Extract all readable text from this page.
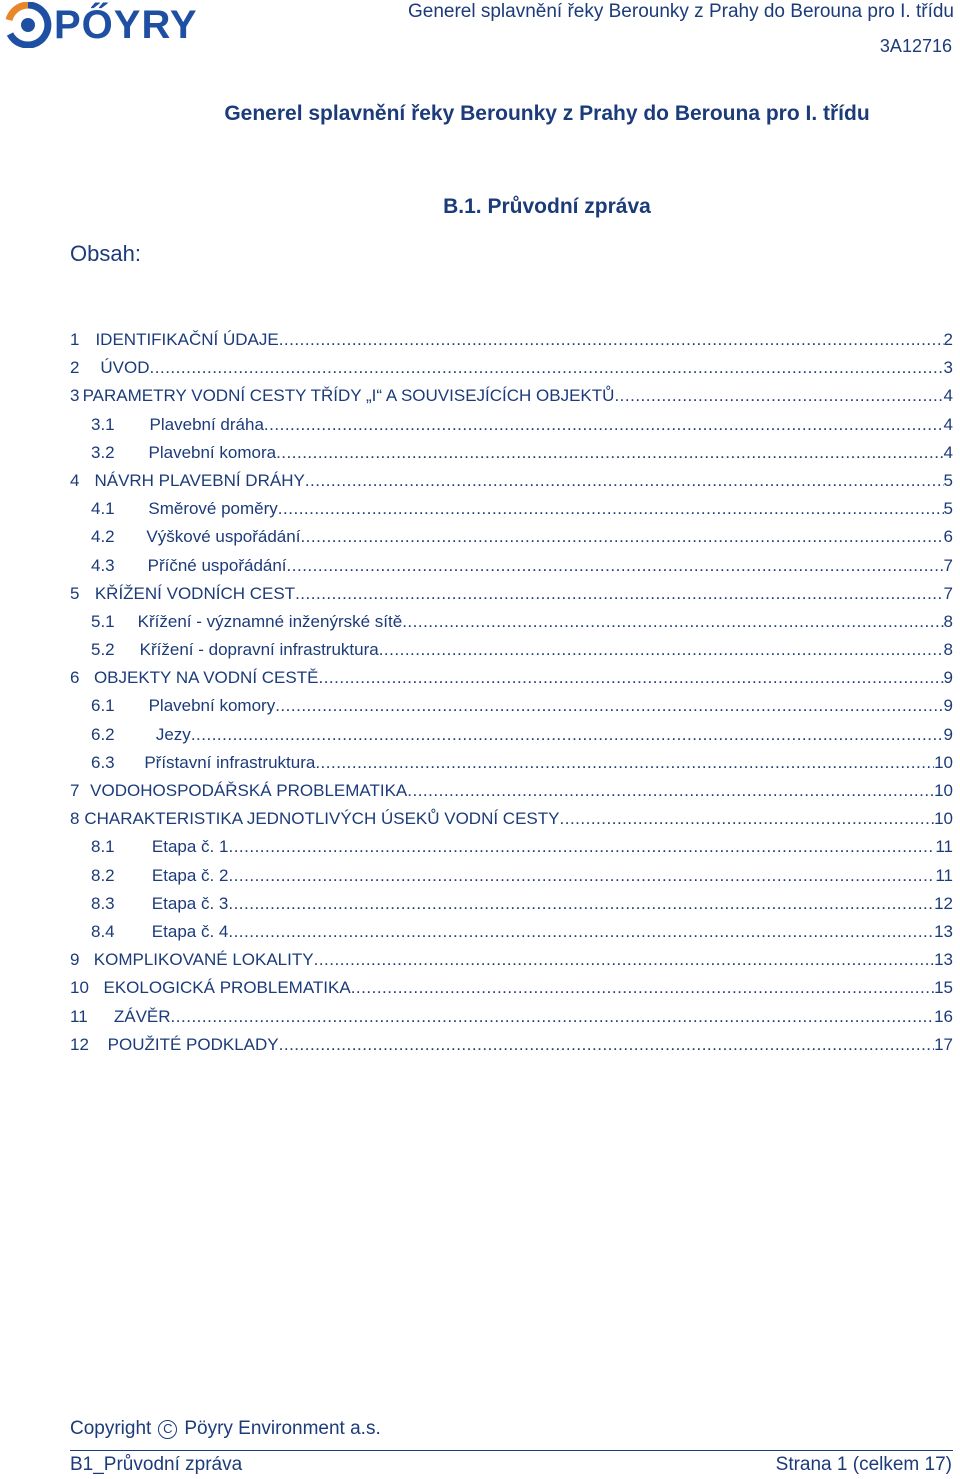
PŐYRY	Generel splavnění řeky Berounky z Prahy do Berouna pro I. třídu
3A12716
Generel splavnění řeky Berounky z Prahy do Berouna pro I. třídu
B.1. Průvodní zpráva
Obsah:
1 IDENTIFIKAČNÍ ÚDAJE .....	2
2	ÚVOD .....	3
3 PARAMETRY VODNÍ CESTY TŘÍDY „I“ A SOUVISEJÍCÍCH OBJEKTŮ .....	4
3.1	Plavební dráha .....	4
3.2	Plavební komora .....	4
4 NÁVRH PLAVEBNÍ DRÁHY .....	5
4.1	Směrové poměry .....	5
4.2	Výškové uspořádání .....	6
4.3	Příčné uspořádání .....	7
5 KŘÍŽENÍ VODNÍCH CEST .....	7
5.1	Křížení - významné inženýrské sítě .....	8
5.2	Křížení - dopravní infrastruktura .....	8
6 OBJEKTY NA VODNÍ CESTĚ .....	9
6.1	Plavební komory .....	9
6.2	Jezy .....	9
6.3	Přístavní infrastruktura .....	10
7 VODOHOSPODÁŘSKÁ PROBLEMATIKA .....	10
8 CHARAKTERISTIKA JEDNOTLIVÝCH ÚSEKŮ VODNÍ CESTY .....	10
8.1	Etapa č. 1 .....	11
8.2	Etapa č. 2 .....	11
8.3	Etapa č. 3 .....	12
8.4	Etapa č. 4 .....	13
9 KOMPLIKOVANÉ LOKALITY .....	13
10 EKOLOGICKÁ PROBLEMATIKA .....	15
11	ZÁVĚR .....	16
12	POUŽITÉ PODKLADY .....	17
Copyright C Pöyry Environment a.s.
B1_Průvodní zpráva	Strana 1 (celkem 17)
